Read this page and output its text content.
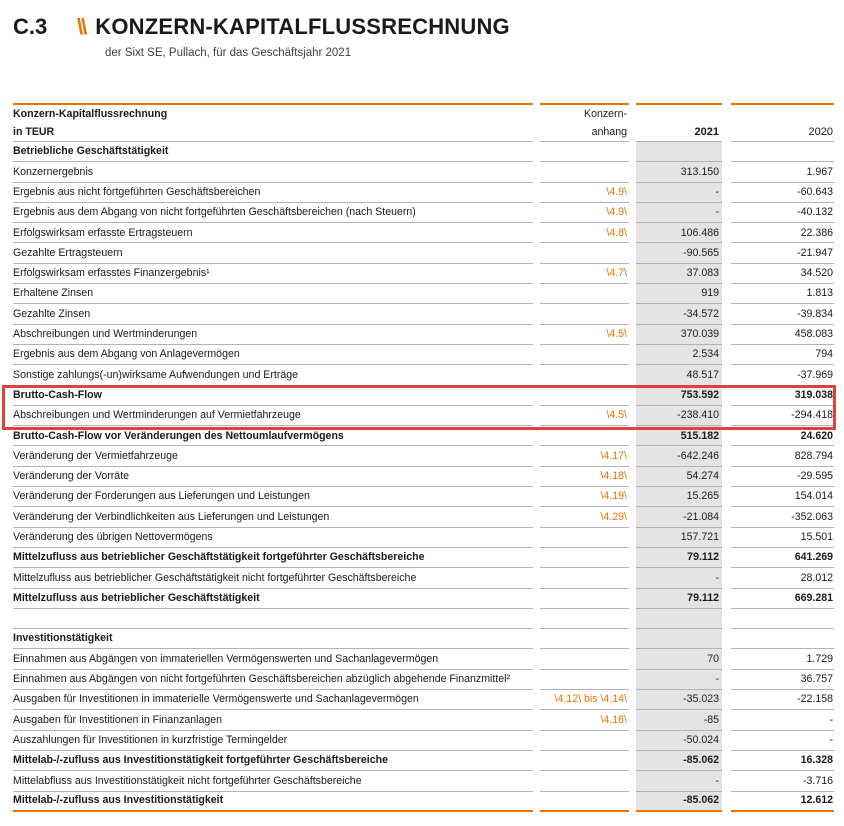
C.3	\\ KONZERN-KAPITALFLUSSRECHNUNG
der Sixt SE, Pullach, für das Geschäftsjahr 2021
Konzern-Kapitalflussrechnung	Konzern-
in TEUR	anhang	2021	2020
Betriebliche Geschäftstätigkeit
Konzernergebnis	313.150	1.967
Ergebnis aus nicht fortgeführten Geschäftsbereichen	\4.9\	-	-60.643
Ergebnis aus dem Abgang von nicht fortgeführten Geschäftsbereichen (nach Steuern)	\4.9\	-	-40.132
Erfolgswirksam erfasste Ertragsteuern	\4.8\	106.486	22.386
Gezahlte Ertragsteuern	-90.565	-21.947
Erfolgswirksam erfasstes Finanzergebnis¹	\4.7\	37.083	34.520
Erhaltene Zinsen	919	1.813
Gezahlte Zinsen	-34.572	-39.834
Abschreibungen und Wertminderungen	\4.5\	370.039	458.083
Ergebnis aus dem Abgang von Anlagevermögen	2.534	794
Sonstige zahlungs(-un)wirksame Aufwendungen und Erträge	48.517	-37.969
Brutto-Cash-Flow	753.592	319.038
Abschreibungen und Wertminderungen auf Vermietfahrzeuge	\4.5\	-238.410	-294.418
Brutto-Cash-Flow vor Veränderungen des Nettoumlaufvermögens	515.182	24.620
Veränderung der Vermietfahrzeuge	\4.17\	-642.246	828.794
Veränderung der Vorräte	\4.18\	54.274	-29.595
Veränderung der Forderungen aus Lieferungen und Leistungen	\4.19\	15.265	154.014
Veränderung der Verbindlichkeiten aus Lieferungen und Leistungen	\4.29\	-21.084	-352.063
Veränderung des übrigen Nettovermögens	157.721	15.501
Mittelzufluss aus betrieblicher Geschäftstätigkeit fortgeführter Geschäftsbereiche	79.112	641.269
Mittelzufluss aus betrieblicher Geschäftstätigkeit nicht fortgeführter Geschäftsbereiche	-	28.012
Mittelzufluss aus betrieblicher Geschäftstätigkeit	79.112	669.281
Investitionstätigkeit
Einnahmen aus Abgängen von immateriellen Vermögenswerten und Sachanlagevermögen	70	1.729
Einnahmen aus Abgängen von nicht fortgeführten Geschäftsbereichen abzüglich abgehende Finanzmittel²	-	36.757
Ausgaben für Investitionen in immaterielle Vermögenswerte und Sachanlagevermögen	\4.12\ bis \4.14\	-35.023	-22.158
Ausgaben für Investitionen in Finanzanlagen	\4.16\	-85	-
Auszahlungen für Investitionen in kurzfristige Termingelder	-50.024	-
Mittelab-/-zufluss aus Investitionstätigkeit fortgeführter Geschäftsbereiche	-85.062	16.328
Mittelabfluss aus Investitionstätigkeit nicht fortgeführter Geschäftsbereiche	-	-3.716
Mittelab-/-zufluss aus Investitionstätigkeit	-85.062	12.612
